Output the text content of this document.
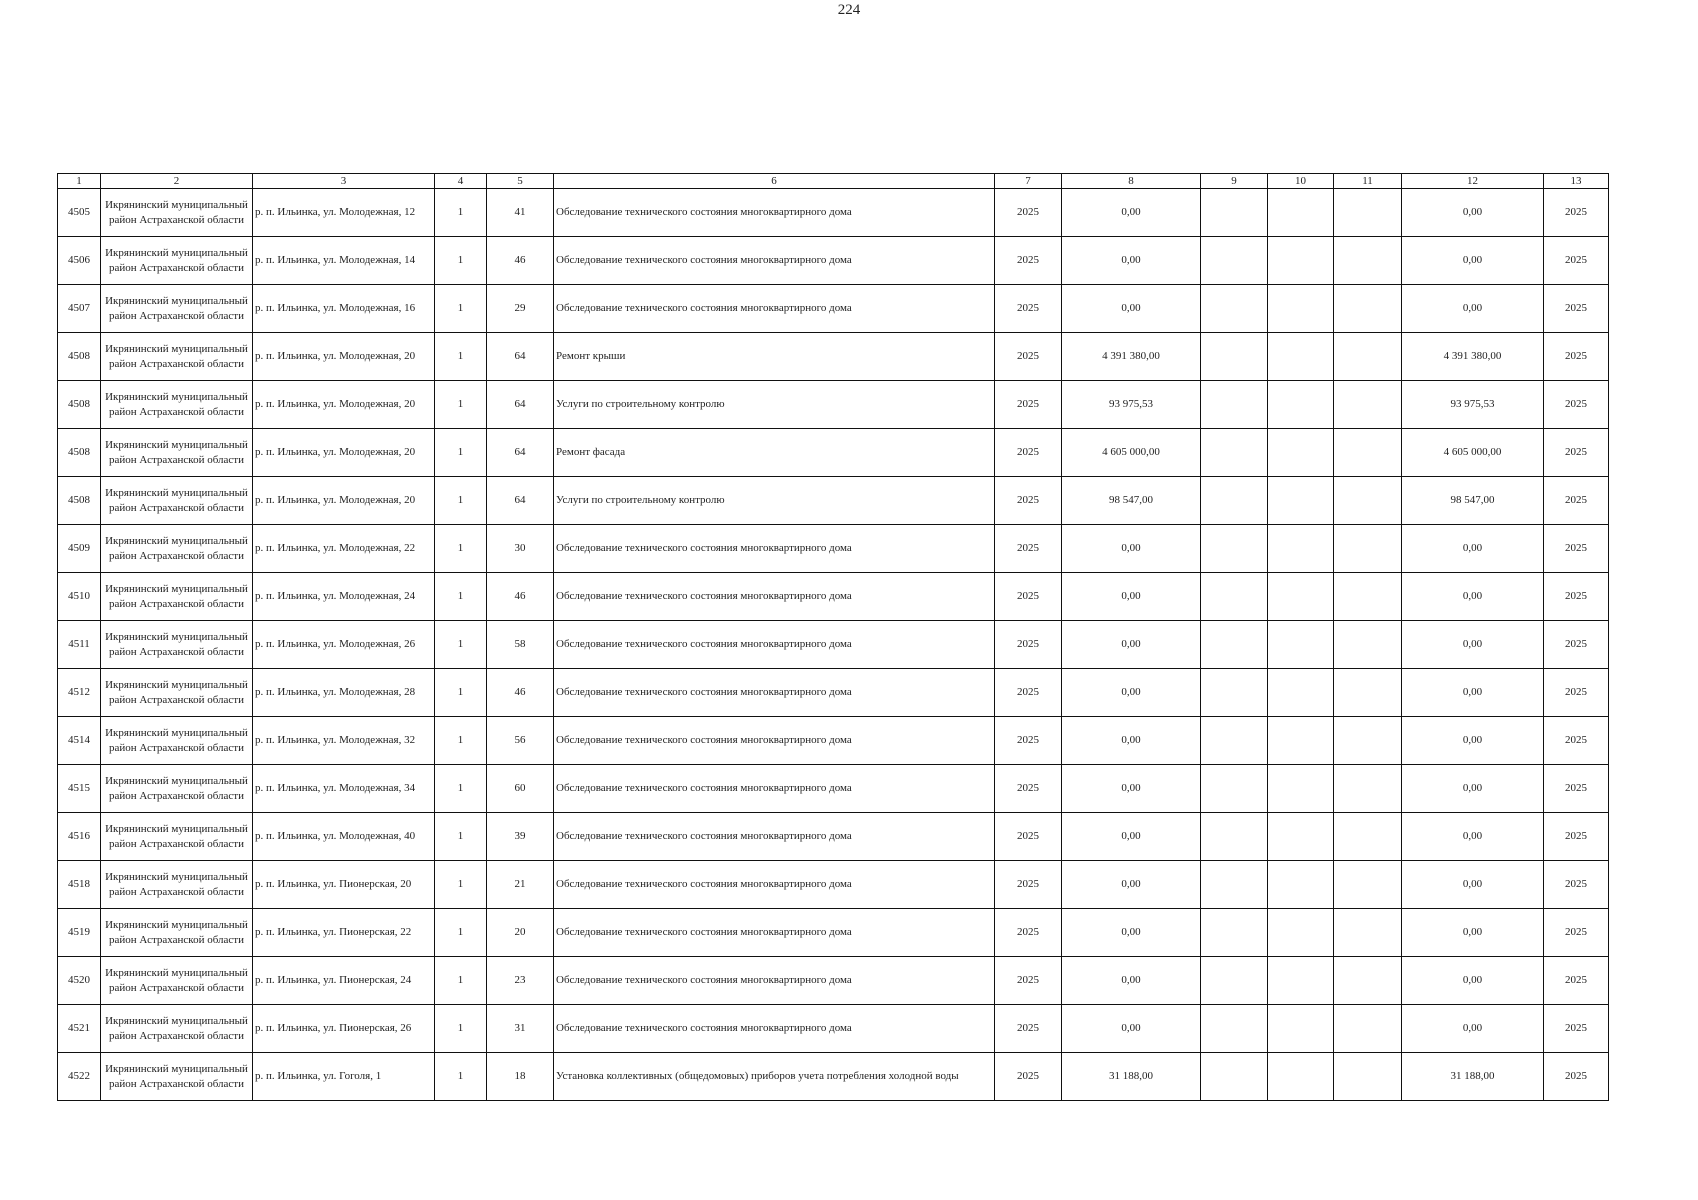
224
1	2	3	4	5	6	7	8	9	10	11	12	13
4505	Икрянинский муниципальный район Астраханской области	р. п. Ильинка, ул. Молодежная, 12	1	41	Обследование технического состояния многоквартирного дома	2025	0,00				0,00	2025
4506	Икрянинский муниципальный район Астраханской области	р. п. Ильинка, ул. Молодежная, 14	1	46	Обследование технического состояния многоквартирного дома	2025	0,00				0,00	2025
4507	Икрянинский муниципальный район Астраханской области	р. п. Ильинка, ул. Молодежная, 16	1	29	Обследование технического состояния многоквартирного дома	2025	0,00				0,00	2025
4508	Икрянинский муниципальный район Астраханской области	р. п. Ильинка, ул. Молодежная, 20	1	64	Ремонт крыши	2025	4 391 380,00				4 391 380,00	2025
4508	Икрянинский муниципальный район Астраханской области	р. п. Ильинка, ул. Молодежная, 20	1	64	Услуги по строительному контролю	2025	93 975,53				93 975,53	2025
4508	Икрянинский муниципальный район Астраханской области	р. п. Ильинка, ул. Молодежная, 20	1	64	Ремонт фасада	2025	4 605 000,00				4 605 000,00	2025
4508	Икрянинский муниципальный район Астраханской области	р. п. Ильинка, ул. Молодежная, 20	1	64	Услуги по строительному контролю	2025	98 547,00				98 547,00	2025
4509	Икрянинский муниципальный район Астраханской области	р. п. Ильинка, ул. Молодежная, 22	1	30	Обследование технического состояния многоквартирного дома	2025	0,00				0,00	2025
4510	Икрянинский муниципальный район Астраханской области	р. п. Ильинка, ул. Молодежная, 24	1	46	Обследование технического состояния многоквартирного дома	2025	0,00				0,00	2025
4511	Икрянинский муниципальный район Астраханской области	р. п. Ильинка, ул. Молодежная, 26	1	58	Обследование технического состояния многоквартирного дома	2025	0,00				0,00	2025
4512	Икрянинский муниципальный район Астраханской области	р. п. Ильинка, ул. Молодежная, 28	1	46	Обследование технического состояния многоквартирного дома	2025	0,00				0,00	2025
4514	Икрянинский муниципальный район Астраханской области	р. п. Ильинка, ул. Молодежная, 32	1	56	Обследование технического состояния многоквартирного дома	2025	0,00				0,00	2025
4515	Икрянинский муниципальный район Астраханской области	р. п. Ильинка, ул. Молодежная, 34	1	60	Обследование технического состояния многоквартирного дома	2025	0,00				0,00	2025
4516	Икрянинский муниципальный район Астраханской области	р. п. Ильинка, ул. Молодежная, 40	1	39	Обследование технического состояния многоквартирного дома	2025	0,00				0,00	2025
4518	Икрянинский муниципальный район Астраханской области	р. п. Ильинка, ул. Пионерская, 20	1	21	Обследование технического состояния многоквартирного дома	2025	0,00				0,00	2025
4519	Икрянинский муниципальный район Астраханской области	р. п. Ильинка, ул. Пионерская, 22	1	20	Обследование технического состояния многоквартирного дома	2025	0,00				0,00	2025
4520	Икрянинский муниципальный район Астраханской области	р. п. Ильинка, ул. Пионерская, 24	1	23	Обследование технического состояния многоквартирного дома	2025	0,00				0,00	2025
4521	Икрянинский муниципальный район Астраханской области	р. п. Ильинка, ул. Пионерская, 26	1	31	Обследование технического состояния многоквартирного дома	2025	0,00				0,00	2025
4522	Икрянинский муниципальный район Астраханской области	р. п. Ильинка, ул. Гоголя, 1	1	18	Установка коллективных (общедомовых) приборов учета потребления холодной воды	2025	31 188,00				31 188,00	2025
